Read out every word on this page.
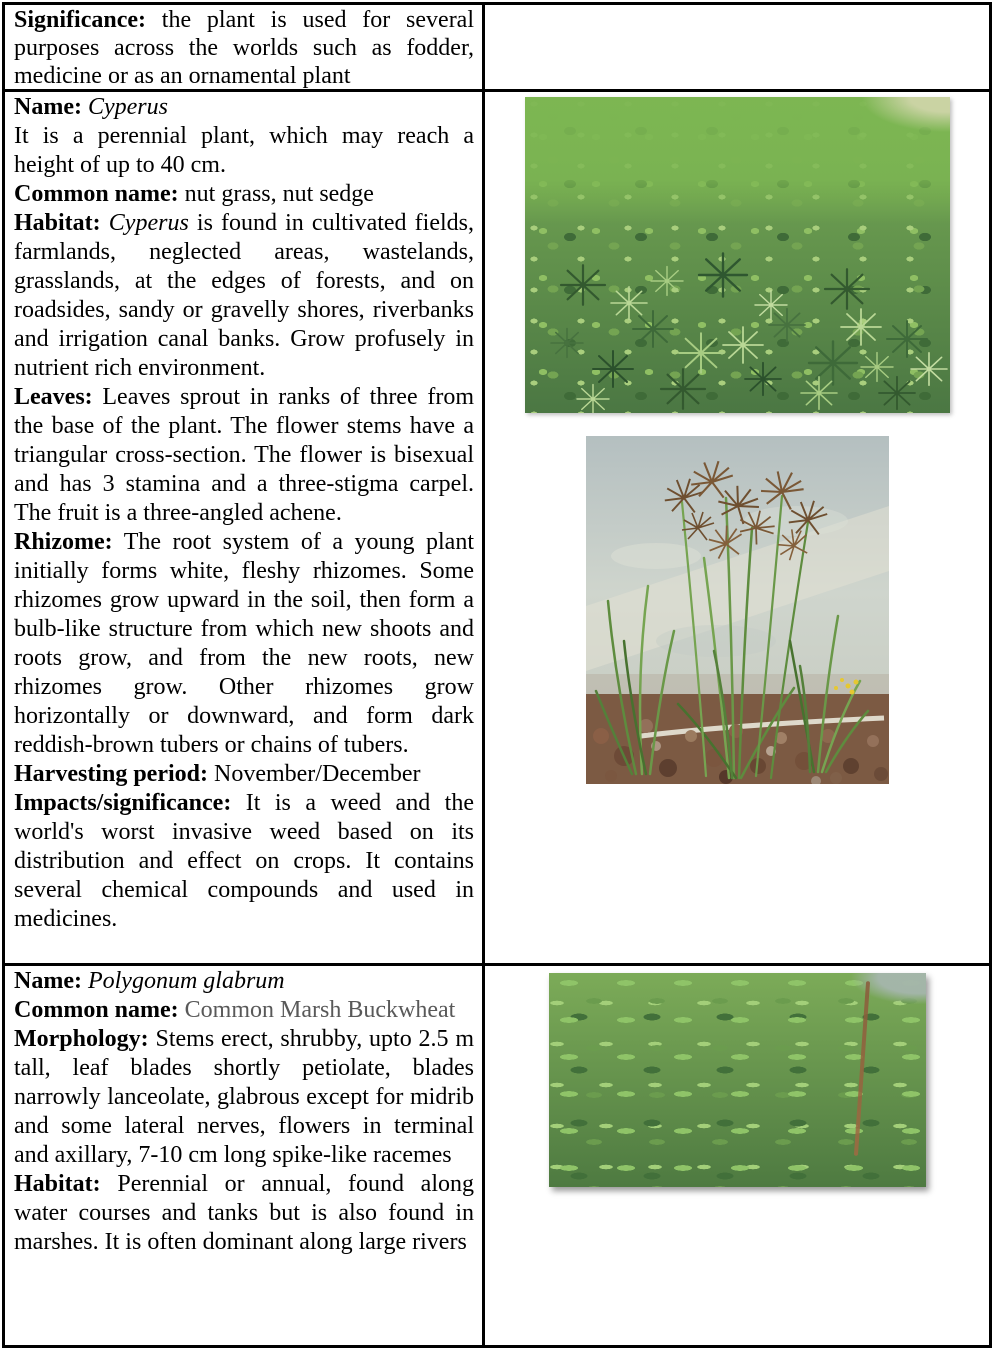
Significance: the plant is used for several purposes across the worlds such as fodder, medicine or as an ornamental plant

Name: Cyperus

It is a perennial plant, which may reach a height of up to 40 cm.

Common name: nut grass, nut sedge

Habitat: Cyperus is found in cultivated fields, farmlands, neglected areas, wastelands, grasslands, at the edges of forests, and on roadsides, sandy or gravelly shores, riverbanks and irrigation canal banks. Grow profusely in nutrient rich environment.

Leaves: Leaves sprout in ranks of three from the base of the plant. The flower stems have a triangular cross-section. The flower is bisexual and has 3 stamina and a three-stigma carpel. The fruit is a three-angled achene.

Rhizome: The root system of a young plant initially forms white, fleshy rhizomes. Some rhizomes grow upward in the soil, then form a bulb-like structure from which new shoots and roots grow, and from the new roots, new rhizomes grow. Other rhizomes grow horizontally or downward, and form dark reddish-brown tubers or chains of tubers.

Harvesting period: November/December

Impacts/significance: It is a weed and the world's worst invasive weed based on its distribution and effect on crops. It contains several chemical compounds and used in medicines.

Name: Polygonum glabrum

Common name: Common Marsh Buckwheat

Morphology: Stems erect, shrubby, upto 2.5 m tall, leaf blades shortly petiolate, blades narrowly lanceolate, glabrous except for midrib and some lateral nerves, flowers in terminal and axillary, 7-10 cm long spike-like racemes

Habitat: Perennial or annual, found along water courses and tanks but is also found in marshes. It is often dominant along large rivers
